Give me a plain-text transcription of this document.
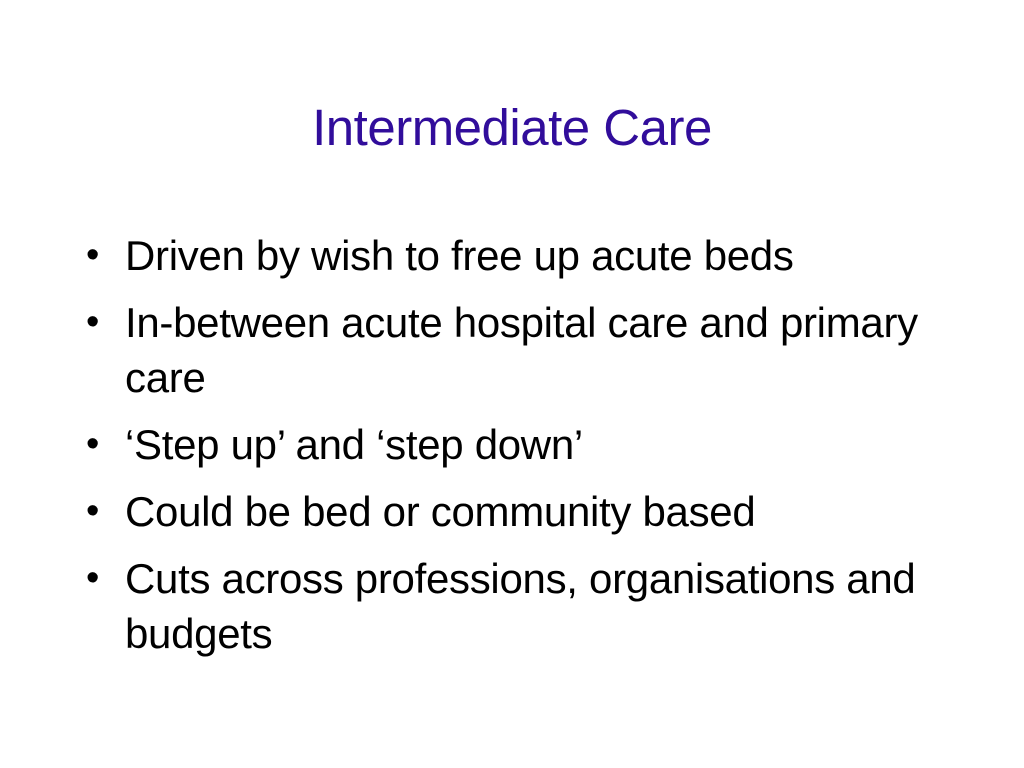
Intermediate Care
• Driven by wish to free up acute beds
• In-between acute hospital care and primary care
• ‘Step up’ and ‘step down’
• Could be bed or community based
• Cuts across professions, organisations and budgets
